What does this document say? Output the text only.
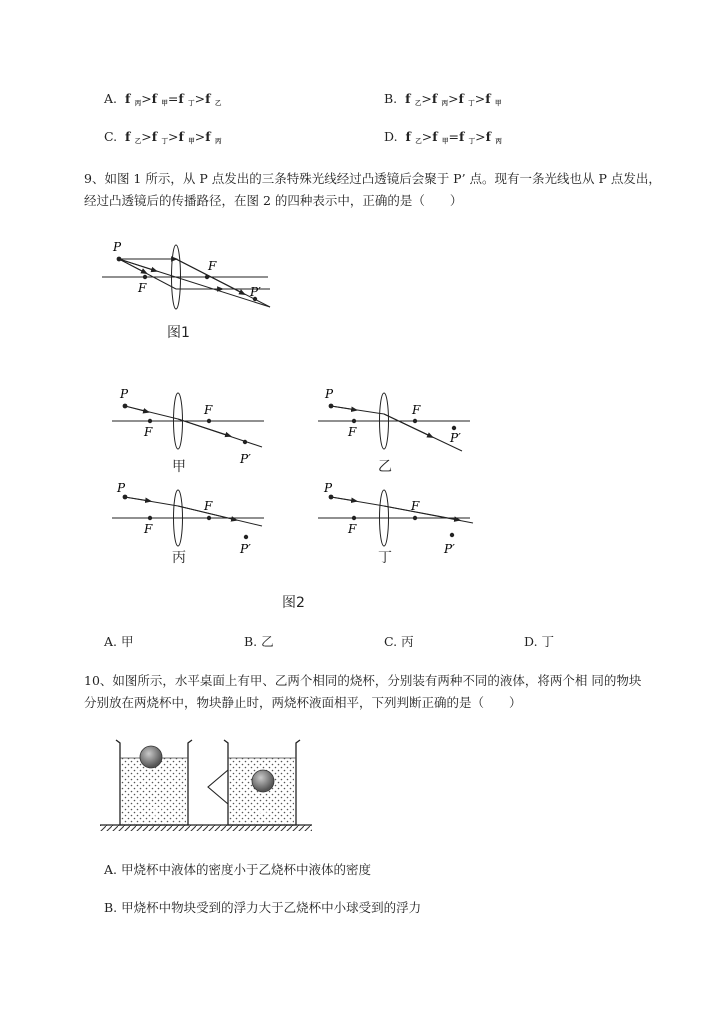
A.  f $_丙$>f $_甲$=f $_丁$>f $_乙$	B.  f $_乙$>f $_丙$>f $_丁$>f $_甲$
C.  f $_乙$>f $_丁$>f $_甲$>f $_丙$	D.  f $_乙$>f $_甲$=f $_丁$>f $_丙$
9、如图 1 所示，从 P 点发出的三条特殊光线经过凸透镜后会聚于 P’ 点。现有一条光线也从 P 点发出，
经过凸透镜后的传播路径，在图 2 的四种表示中，正确的是（　　）
P
F
F
P′
图1
P
F
F
P′
甲
P
F
F
P′
乙
P
F
F
P′
丙
P
F
F
P′
丁
图2
A. 甲	B. 乙	C. 丙	D. 丁
10、如图所示，水平桌面上有甲、乙两个相同的烧杯，分别装有两种不同的液体，将两个相 同的物块
分别放在两烧杯中，物块静止时，两烧杯液面相平，下列判断正确的是（　　）
甲	乙
A. 甲烧杯中液体的密度小于乙烧杯中液体的密度
B. 甲烧杯中物块受到的浮力大于乙烧杯中小球受到的浮力
